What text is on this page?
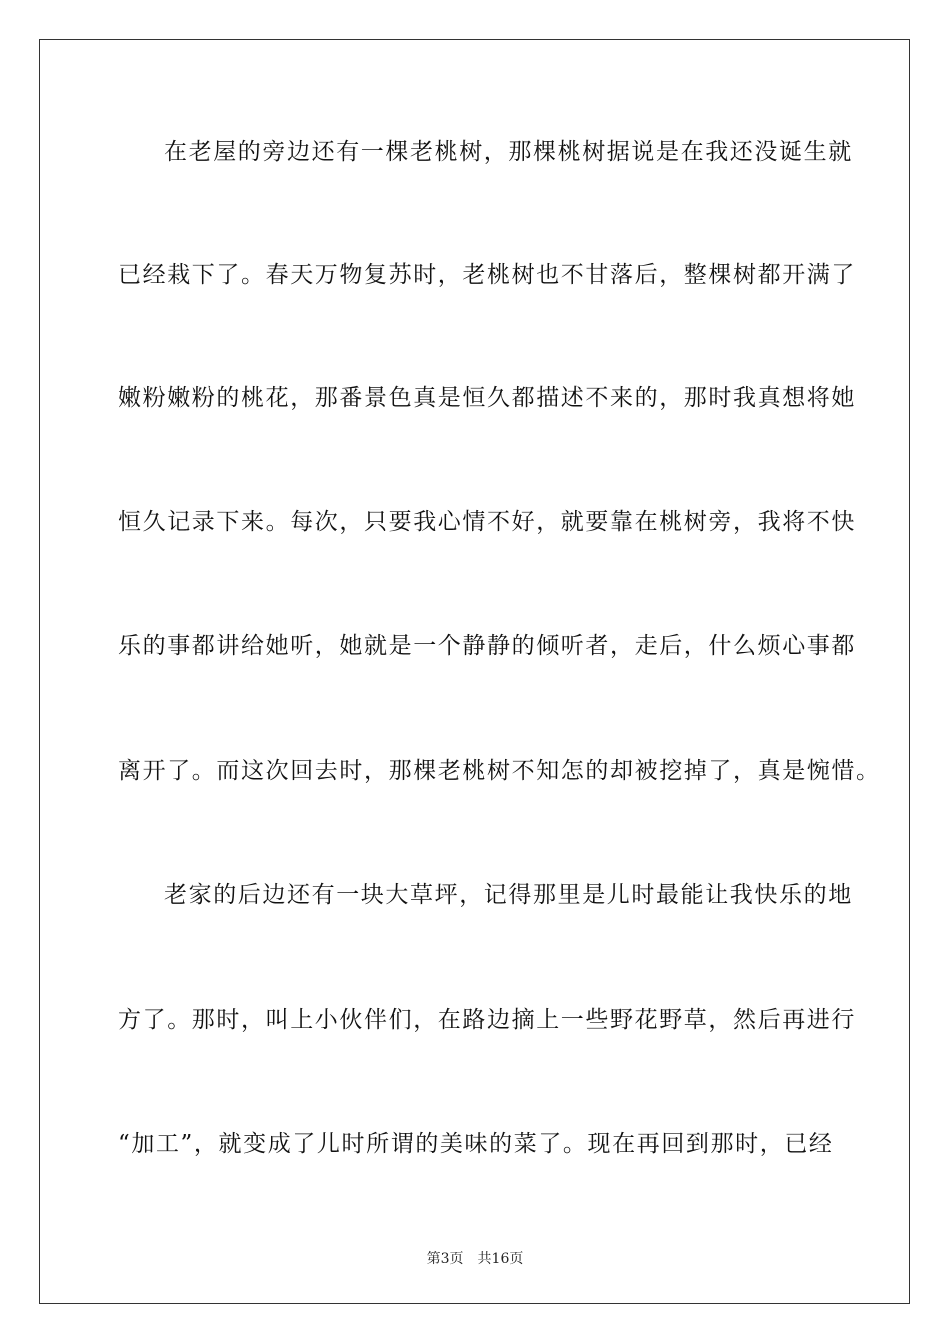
在老屋的旁边还有一棵老桃树，那棵桃树据说是在我还没诞生就
已经栽下了。春天万物复苏时，老桃树也不甘落后，整棵树都开满了
嫩粉嫩粉的桃花，那番景色真是恒久都描述不来的，那时我真想将她
恒久记录下来。每次，只要我心情不好，就要靠在桃树旁，我将不快
乐的事都讲给她听，她就是一个静静的倾听者，走后，什么烦心事都
离开了。而这次回去时，那棵老桃树不知怎的却被挖掉了，真是惋惜。
老家的后边还有一块大草坪，记得那里是儿时最能让我快乐的地
方了。那时，叫上小伙伴们，在路边摘上一些野花野草，然后再进行
“加工”，就变成了儿时所谓的美味的菜了。现在再回到那时，已经
第3页 共16页
